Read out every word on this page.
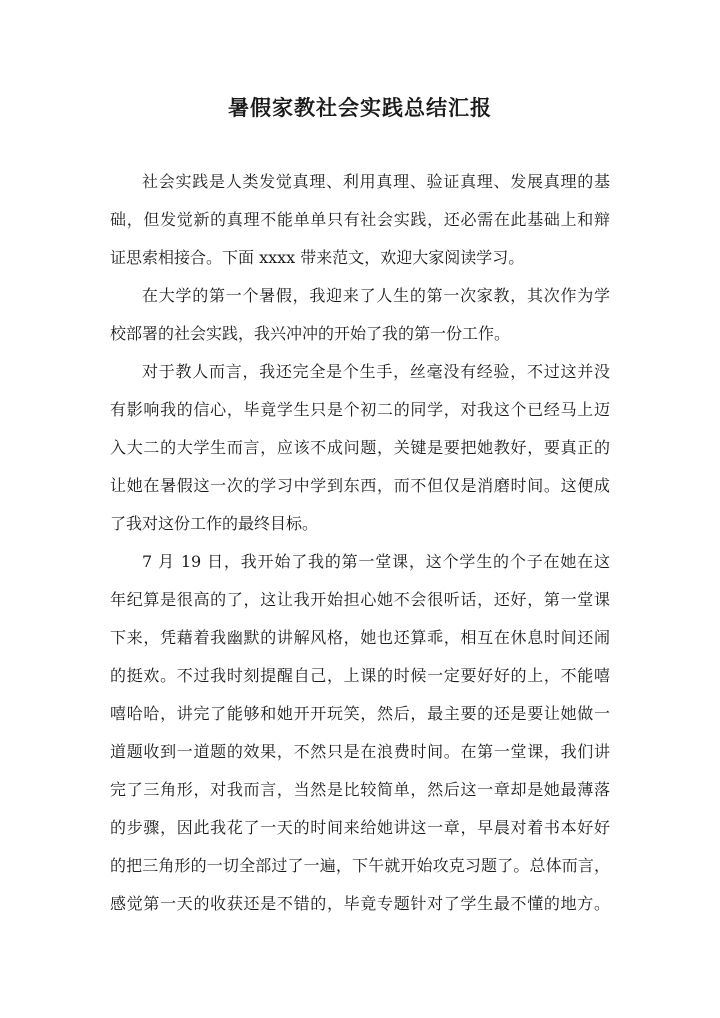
暑假家教社会实践总结汇报
社会实践是人类发觉真理、利用真理、验证真理、发展真理的基
础，但发觉新的真理不能单单只有社会实践，还必需在此基础上和辩
证思索相接合。下面 xxxx 带来范文，欢迎大家阅读学习。
在大学的第一个暑假，我迎来了人生的第一次家教，其次作为学
校部署的社会实践，我兴冲冲的开始了我的第一份工作。
对于教人而言，我还完全是个生手，丝毫没有经验，不过这并没
有影响我的信心，毕竟学生只是个初二的同学，对我这个已经马上迈
入大二的大学生而言，应该不成问题，关键是要把她教好，要真正的
让她在暑假这一次的学习中学到东西，而不但仅是消磨时间。这便成
了我对这份工作的最终目标。
7 月 19 日，我开始了我的第一堂课，这个学生的个子在她在这
年纪算是很高的了，这让我开始担心她不会很听话，还好，第一堂课
下来，凭藉着我幽默的讲解风格，她也还算乖，相互在休息时间还闹
的挺欢。不过我时刻提醒自己，上课的时候一定要好好的上，不能嘻
嘻哈哈，讲完了能够和她开开玩笑，然后，最主要的还是要让她做一
道题收到一道题的效果，不然只是在浪费时间。在第一堂课，我们讲
完了三角形，对我而言，当然是比较简单，然后这一章却是她最薄落
的步骤，因此我花了一天的时间来给她讲这一章，早晨对着书本好好
的把三角形的一切全部过了一遍，下午就开始攻克习题了。总体而言，
感觉第一天的收获还是不错的，毕竟专题针对了学生最不懂的地方。
